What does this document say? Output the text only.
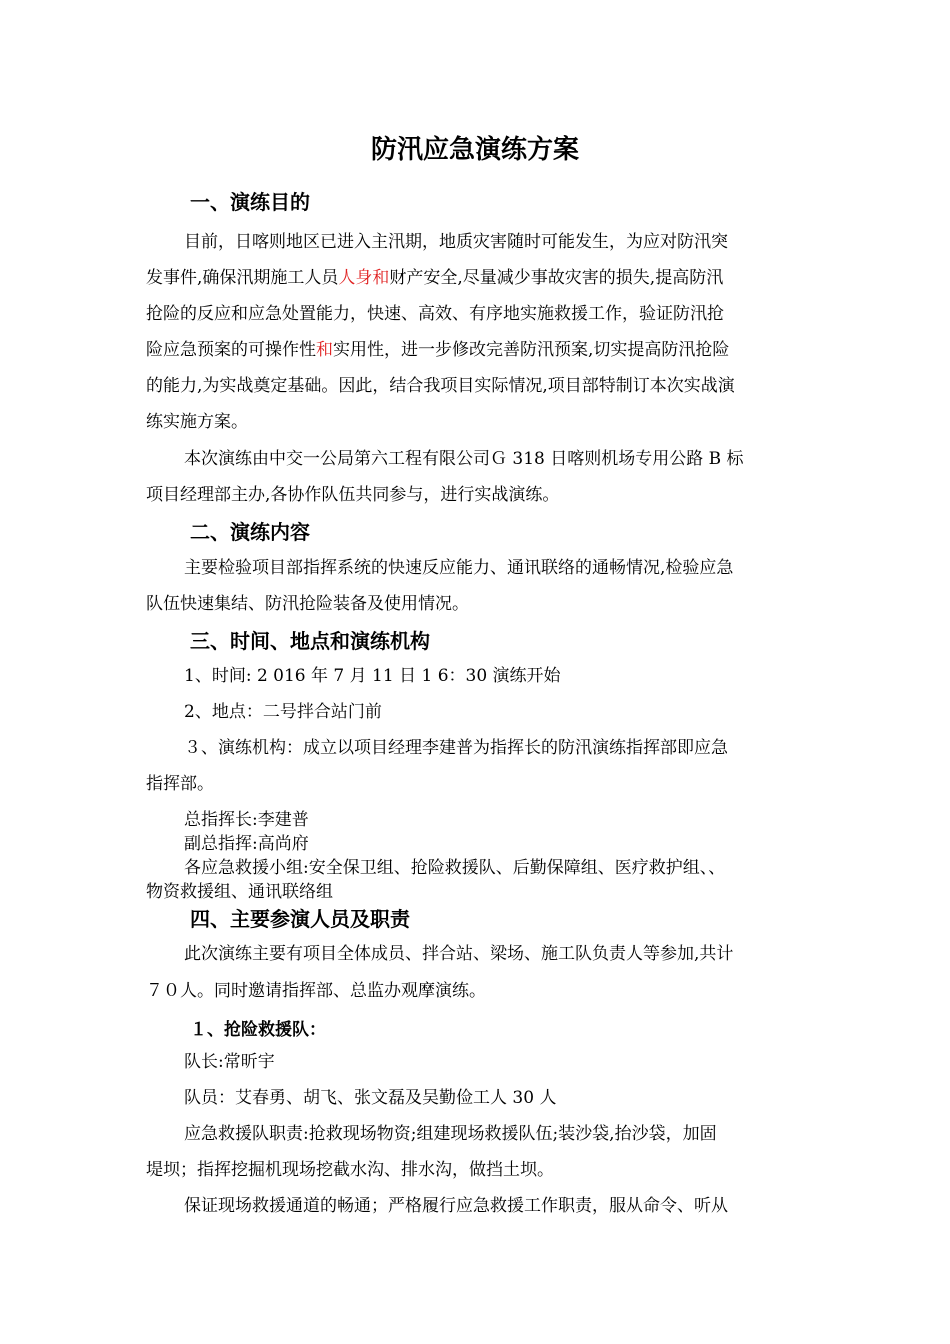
防汛应急演练方案
一、演练目的
目前，日喀则地区已进入主汛期，地质灾害随时可能发生，为应对防汛突
发事件,确保汛期施工人员人身和财产安全,尽量减少事故灾害的损失,提高防汛
抢险的反应和应急处置能力，快速、高效、有序地实施救援工作，验证防汛抢
险应急预案的可操作性和实用性，进一步修改完善防汛预案,切实提高防汛抢险
的能力,为实战奠定基础。因此，结合我项目实际情况,项目部特制订本次实战演
练实施方案。
本次演练由中交一公局第六工程有限公司Ｇ 318 日喀则机场专用公路 B 标
项目经理部主办,各协作队伍共同参与，进行实战演练。
二、演练内容
主要检验项目部指挥系统的快速反应能力、通讯联络的通畅情况,检验应急
队伍快速集结、防汛抢险装备及使用情况。
三、时间、地点和演练机构
1、时间: 2 016 年 7 月 11 日 1 6：30 演练开始
2、地点：二号拌合站门前
３、演练机构：成立以项目经理李建普为指挥长的防汛演练指挥部即应急
指挥部。
总指挥长:李建普
副总指挥:高尚府
各应急救援小组:安全保卫组、抢险救援队、后勤保障组、医疗救护组、、
物资救援组、通讯联络组
四、主要参演人员及职责
此次演练主要有项目全体成员、拌合站、梁场、施工队负责人等参加,共计
７０人。同时邀请指挥部、总监办观摩演练。
１、抢险救援队：
队长:常昕宇
队员：艾春勇、胡飞、张文磊及吴勤俭工人 30 人
应急救援队职责:抢救现场物资;组建现场救援队伍;装沙袋,抬沙袋，加固
堤坝；指挥挖掘机现场挖截水沟、排水沟，做挡土坝。
保证现场救援通道的畅通；严格履行应急救援工作职责，服从命令、听从
